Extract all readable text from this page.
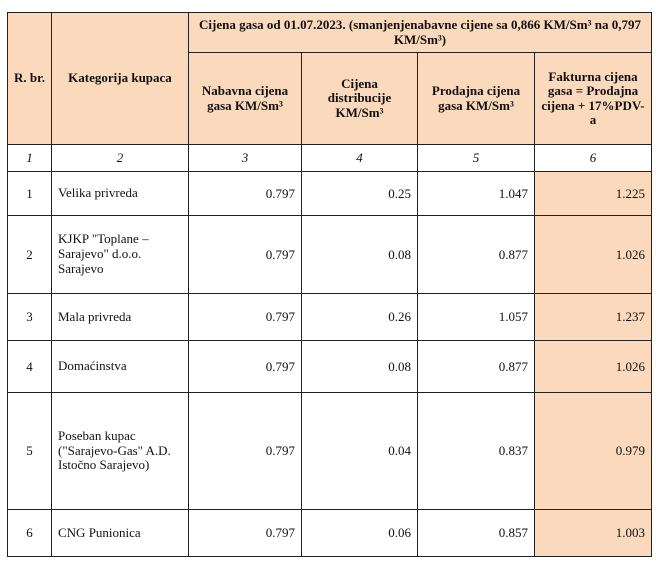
R. br.	Kategorija kupaca	Cijena gasa od 01.07.2023. (smanjenjenabavne cijene sa 0,866 KM/Sm³ na 0,797 KM/Sm³)			
		Nabavna cijena gasa KM/Sm³	Cijena distribucije KM/Sm³	Prodajna cijena gasa KM/Sm³	Fakturna cijena gasa = Prodajna cijena + 17%PDV-a
1	2	3	4	5	6
1	Velika privreda	0.797	0.25	1.047	1.225
2	KJKP "Toplane – Sarajevo" d.o.o. Sarajevo	0.797	0.08	0.877	1.026
3	Mala privreda	0.797	0.26	1.057	1.237
4	Domaćinstva	0.797	0.08	0.877	1.026
5	Poseban kupac ("Sarajevo-Gas" A.D. Istočno Sarajevo)	0.797	0.04	0.837	0.979
6	CNG Punionica	0.797	0.06	0.857	1.003
